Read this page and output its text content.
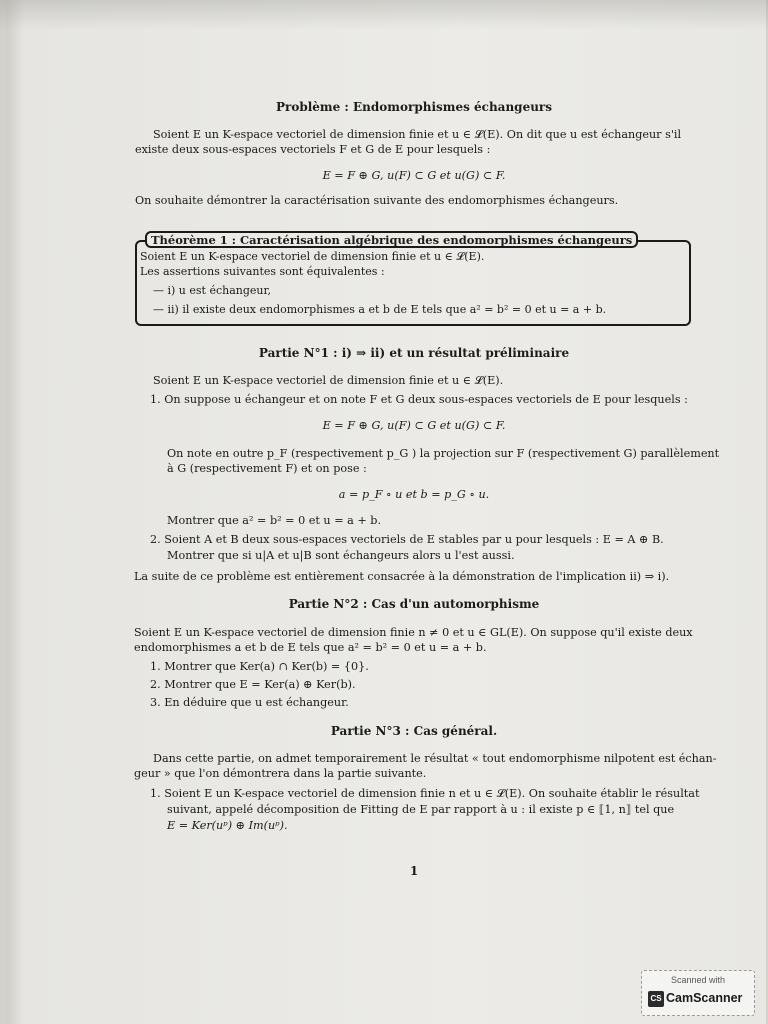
Problème : Endomorphismes échangeurs
Soient E un K-espace vectoriel de dimension finie et u ∈ 𝓛(E). On dit que u est échangeur s'il
existe deux sous-espaces vectoriels F et G de E pour lesquels :
E = F ⊕ G, u(F) ⊂ G et u(G) ⊂ F.
On souhaite démontrer la caractérisation suivante des endomorphismes échangeurs.
Théorème 1 : Caractérisation algébrique des endomorphismes échangeurs
Soient E un K-espace vectoriel de dimension finie et u ∈ 𝓛(E).
Les assertions suivantes sont équivalentes :
— i) u est échangeur,
— ii) il existe deux endomorphismes a et b de E tels que a² = b² = 0 et u = a + b.
Partie N°1 : i) ⇒ ii) et un résultat préliminaire
Soient E un K-espace vectoriel de dimension finie et u ∈ 𝓛(E).
1. On suppose u échangeur et on note F et G deux sous-espaces vectoriels de E pour lesquels :
E = F ⊕ G, u(F) ⊂ G et u(G) ⊂ F.
On note en outre p_F (respectivement p_G ) la projection sur F (respectivement G) parallèlement
à G (respectivement F) et on pose :
a = p_F ∘ u et b = p_G ∘ u.
Montrer que a² = b² = 0 et u = a + b.
2. Soient A et B deux sous-espaces vectoriels de E stables par u pour lesquels : E = A ⊕ B.
Montrer que si u|A et u|B sont échangeurs alors u l'est aussi.
La suite de ce problème est entièrement consacrée à la démonstration de l'implication ii) ⇒ i).
Partie N°2 : Cas d'un automorphisme
Soient E un K-espace vectoriel de dimension finie n ≠ 0 et u ∈ GL(E). On suppose qu'il existe deux
endomorphismes a et b de E tels que a² = b² = 0 et u = a + b.
1. Montrer que Ker(a) ∩ Ker(b) = {0}.
2. Montrer que E = Ker(a) ⊕ Ker(b).
3. En déduire que u est échangeur.
Partie N°3 : Cas général.
Dans cette partie, on admet temporairement le résultat « tout endomorphisme nilpotent est échan-
geur » que l'on démontrera dans la partie suivante.
1. Soient E un K-espace vectoriel de dimension finie n et u ∈ 𝓛(E). On souhaite établir le résultat
suivant, appelé décomposition de Fitting de E par rapport à u : il existe p ∈ ⟦1, n⟧ tel que
E = Ker(uᵖ) ⊕ Im(uᵖ).
1
Scanned with
CS CamScanner
